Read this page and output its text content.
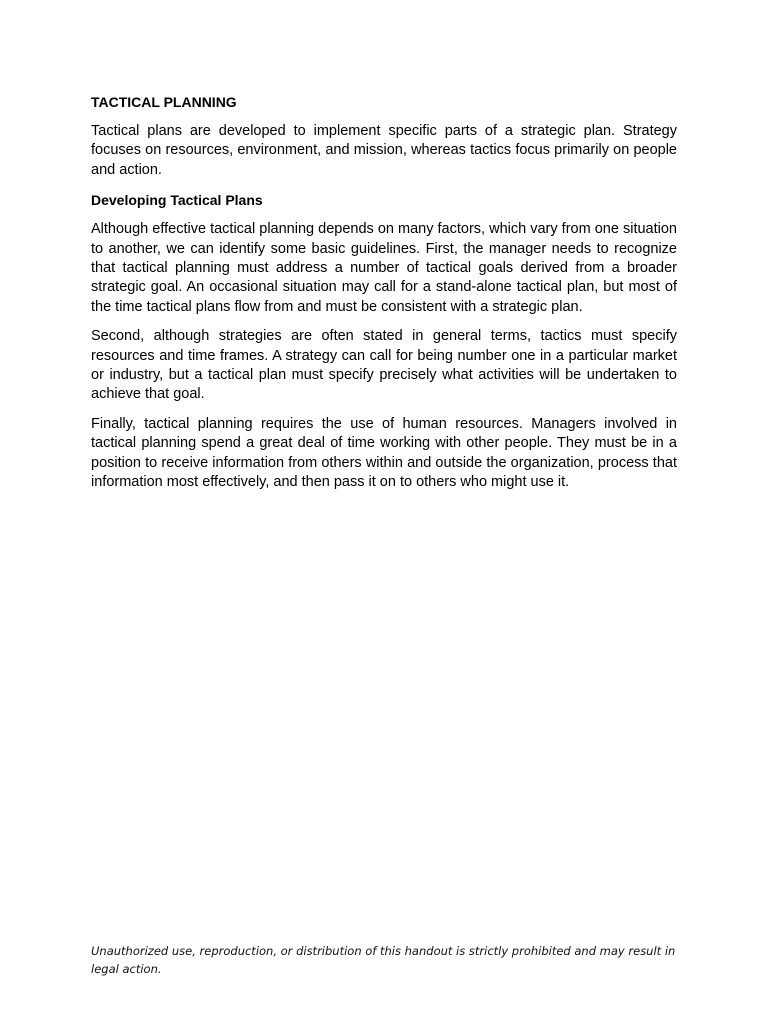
TACTICAL PLANNING

Tactical plans are developed to implement specific parts of a strategic plan. Strategy focuses on resources, environment, and mission, whereas tactics focus primarily on people and action.

Developing Tactical Plans

Although effective tactical planning depends on many factors, which vary from one situation to another, we can identify some basic guidelines. First, the manager needs to recognize that tactical planning must address a number of tactical goals derived from a broader strategic goal. An occasional situation may call for a stand-alone tactical plan, but most of the time tactical plans flow from and must be consistent with a strategic plan.

Second, although strategies are often stated in general terms, tactics must specify resources and time frames. A strategy can call for being number one in a particular market or industry, but a tactical plan must specify precisely what activities will be undertaken to achieve that goal.

Finally, tactical planning requires the use of human resources. Managers involved in tactical planning spend a great deal of time working with other people. They must be in a position to receive information from others within and outside the organization, process that information most effectively, and then pass it on to others who might use it.

Unauthorized use, reproduction, or distribution of this handout is strictly prohibited and may result in legal action.
